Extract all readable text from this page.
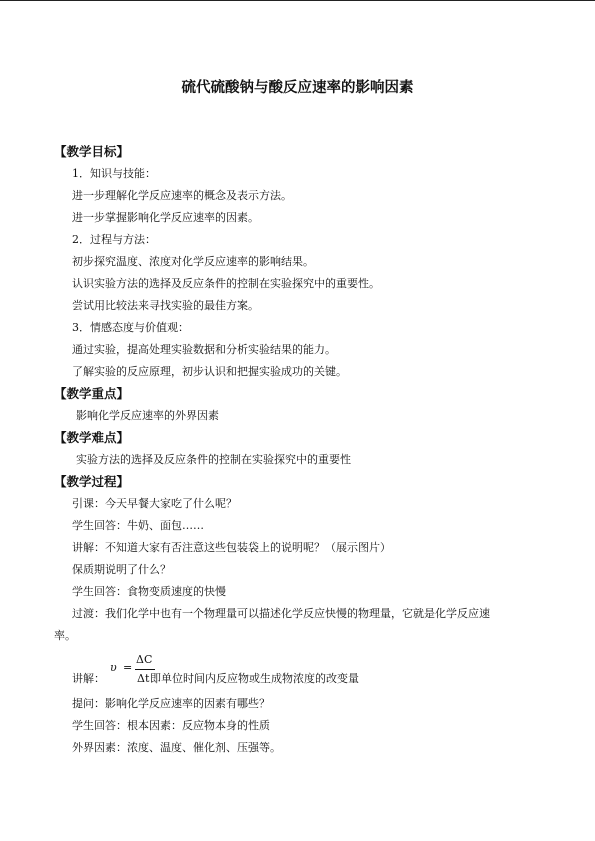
硫代硫酸钠与酸反应速率的影响因素
【教学目标】
1．知识与技能：
进一步理解化学反应速率的概念及表示方法。
进一步掌握影响化学反应速率的因素。
2．过程与方法：
初步探究温度、浓度对化学反应速率的影响结果。
认识实验方法的选择及反应条件的控制在实验探究中的重要性。
尝试用比较法来寻找实验的最佳方案。
3．情感态度与价值观：
通过实验，提高处理实验数据和分析实验结果的能力。
了解实验的反应原理，初步认识和把握实验成功的关键。
【教学重点】
影响化学反应速率的外界因素
【教学难点】
实验方法的选择及反应条件的控制在实验探究中的重要性
【教学过程】
引课：今天早餐大家吃了什么呢？
学生回答：牛奶、面包……
讲解：不知道大家有否注意这些包装袋上的说明呢？（展示图片）
保质期说明了什么？
学生回答：食物变质速度的快慢
过渡：我们化学中也有一个物理量可以描述化学反应快慢的物理量，它就是化学反应速
率。
讲解：
υ =
ΔC
Δt 即单位时间内反应物或生成物浓度的改变量
提问：影响化学反应速率的因素有哪些？
学生回答：根本因素：反应物本身的性质
外界因素：浓度、温度、催化剂、压强等。
